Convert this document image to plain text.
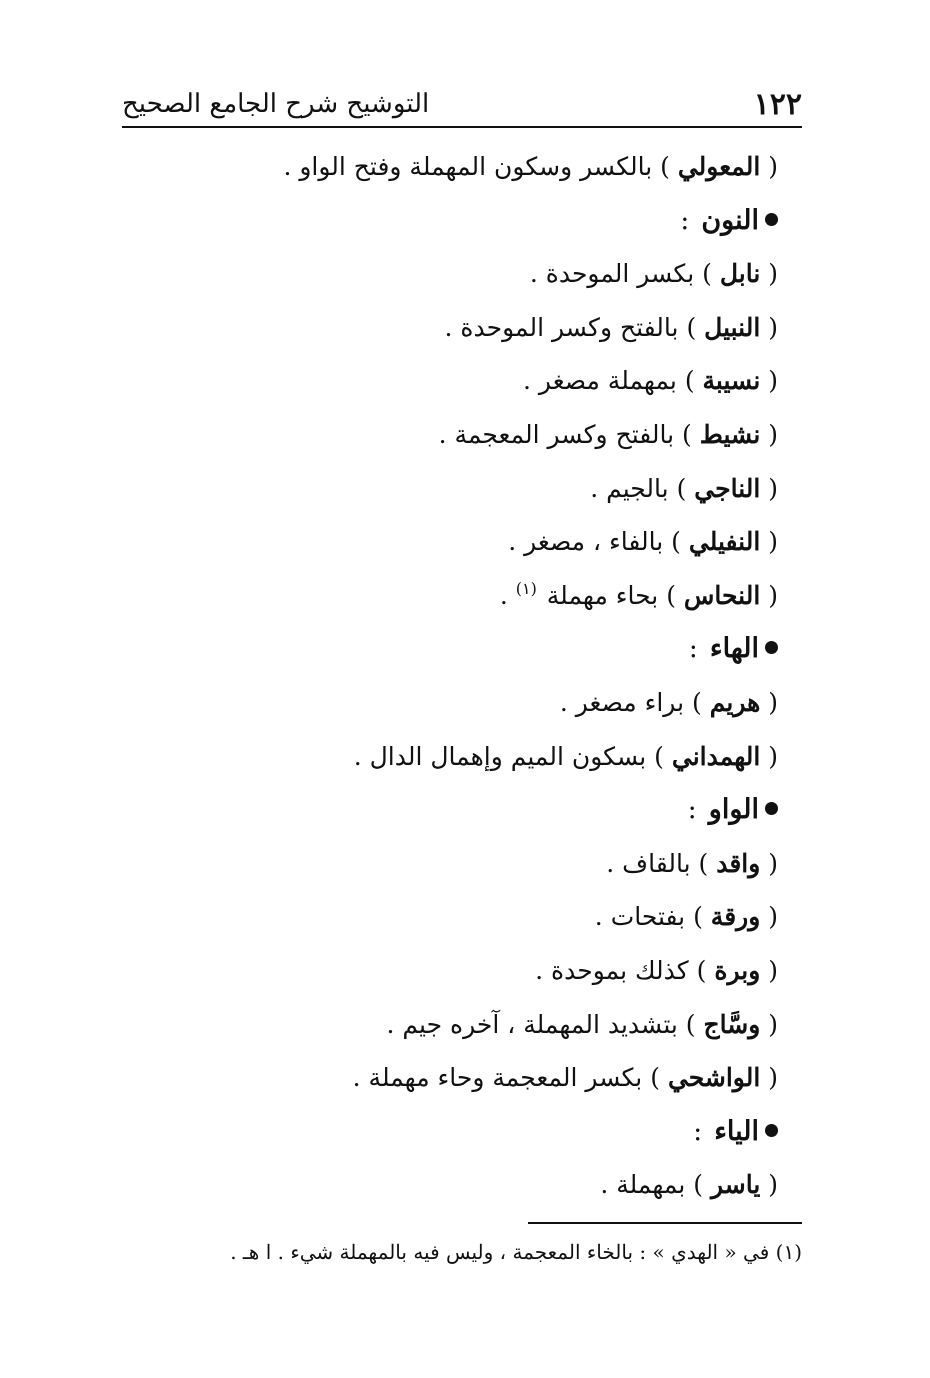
١٢٢
التوشيح شرح الجامع الصحيح
( المعولي ) بالكسر وسكون المهملة وفتح الواو .
النون:
( نابل ) بكسر الموحدة .
( النبيل ) بالفتح وكسر الموحدة .
( نسيبة ) بمهملة مصغر .
( نشيط ) بالفتح وكسر المعجمة .
( الناجي ) بالجيم .
( النفيلي ) بالفاء ، مصغر .
( النحاس ) بحاء مهملة $^{(١)}$ .
الهاء:
( هريم ) براء مصغر .
( الهمداني ) بسكون الميم وإهمال الدال .
الواو:
( واقد ) بالقاف .
( ورقة ) بفتحات .
( وبرة ) كذلك بموحدة .
( وسَّاج ) بتشديد المهملة ، آخره جيم .
( الواشحي ) بكسر المعجمة وحاء مهملة .
الياء:
( ياسر ) بمهملة .
(١) في « الهدي » : بالخاء المعجمة ، وليس فيه بالمهملة شيء . ا هـ .
